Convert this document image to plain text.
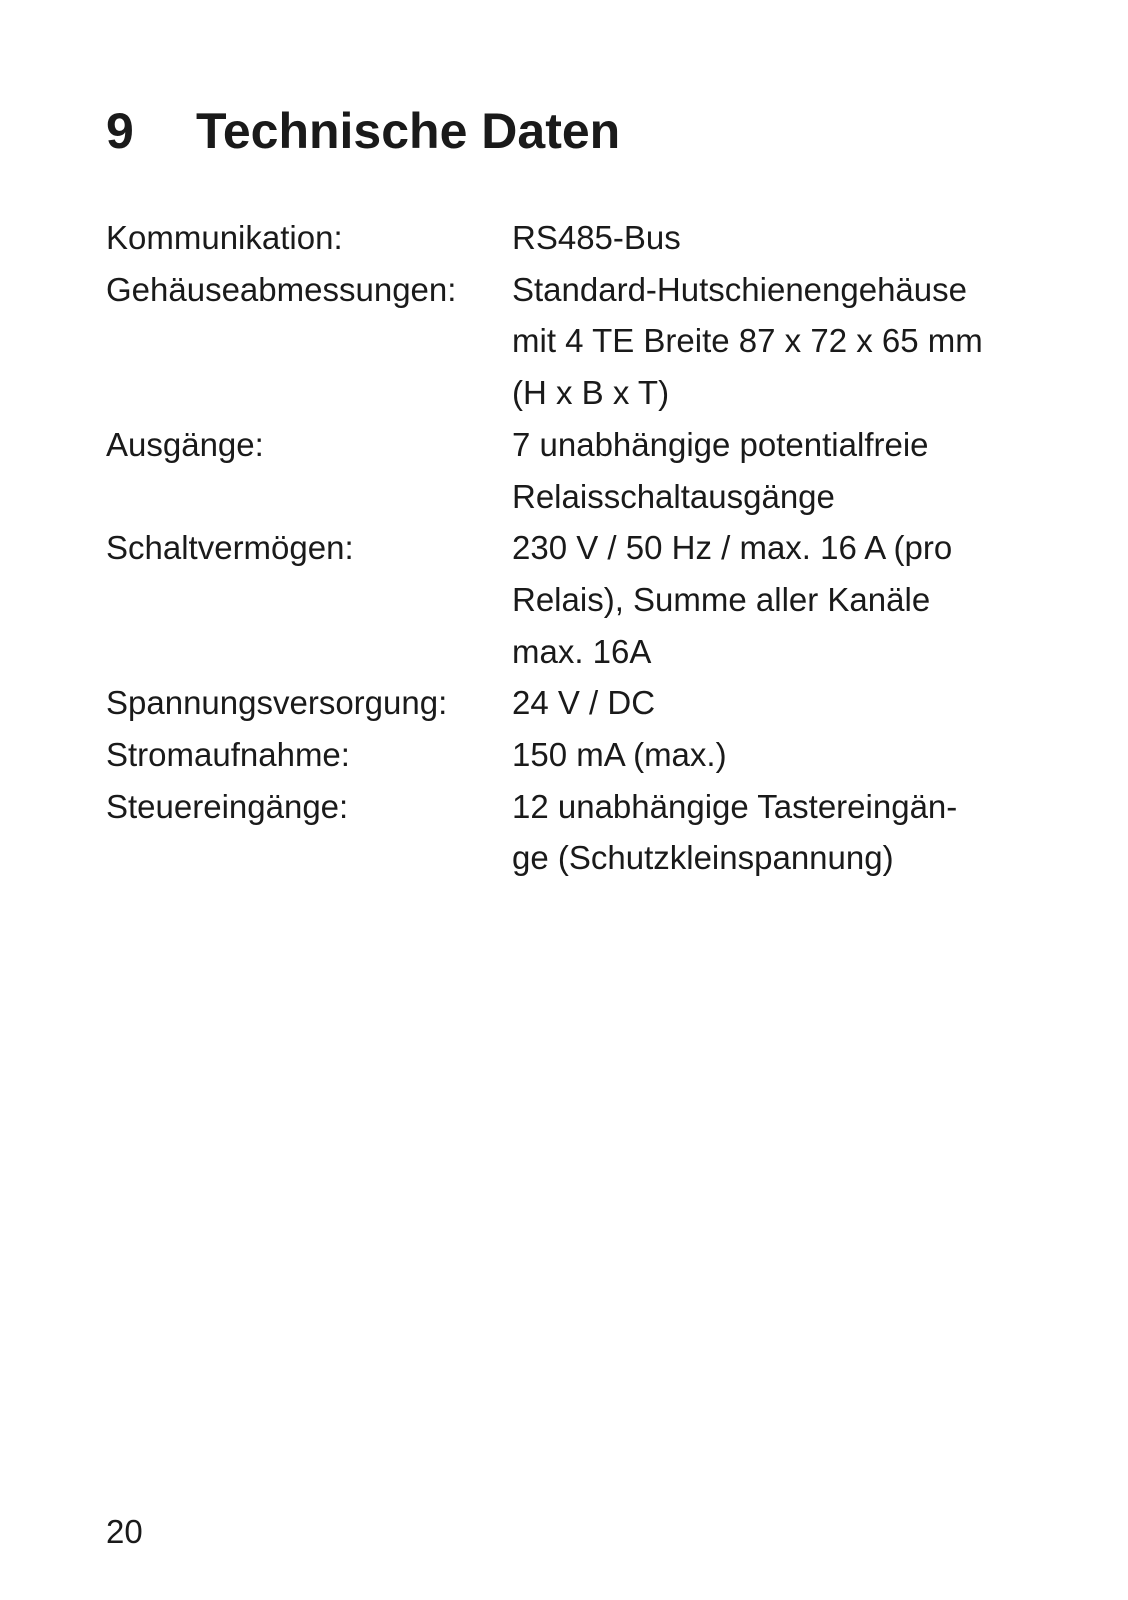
9 Technische Daten
Kommunikation:	RS485-Bus
Gehäuseabmessungen:	Standard-Hutschienengehäuse
mit 4 TE Breite 87 x 72 x 65 mm
(H x B x T)
Ausgänge:	7 unabhängige potentialfreie
Relaisschaltausgänge
Schaltvermögen:	230 V / 50 Hz / max. 16 A (pro
Relais), Summe aller Kanäle
max. 16A
Spannungsversorgung:	24 V / DC
Stromaufnahme:	150 mA (max.)
Steuereingänge:	12 unabhängige Tastereingän-
ge (Schutzkleinspannung)
20
